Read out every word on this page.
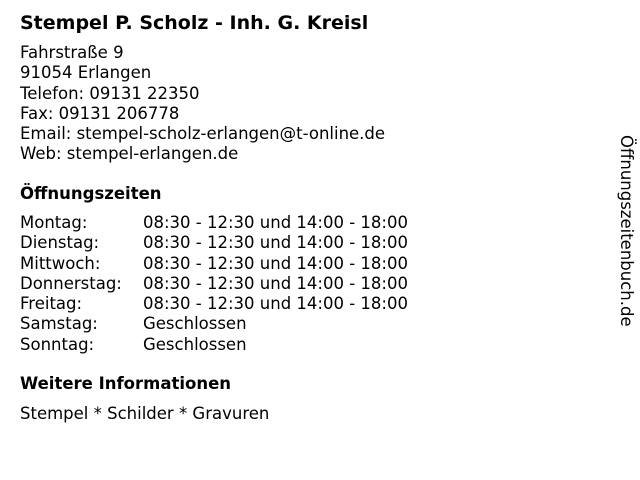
Stempel P. Scholz - Inh. G. Kreisl
Fahrstraße 9
91054 Erlangen
Telefon: 09131 22350
Fax: 09131 206778
Email: stempel-scholz-erlangen@t-online.de
Web: stempel-erlangen.de
Öffnungszeiten
Montag:	08:30 - 12:30 und 14:00 - 18:00
Dienstag:	08:30 - 12:30 und 14:00 - 18:00
Mittwoch:	08:30 - 12:30 und 14:00 - 18:00
Donnerstag:	08:30 - 12:30 und 14:00 - 18:00
Freitag:	08:30 - 12:30 und 14:00 - 18:00
Samstag:	Geschlossen
Sonntag:	Geschlossen
Weitere Informationen
Stempel * Schilder * Gravuren
Öffnungszeitenbuch.de
